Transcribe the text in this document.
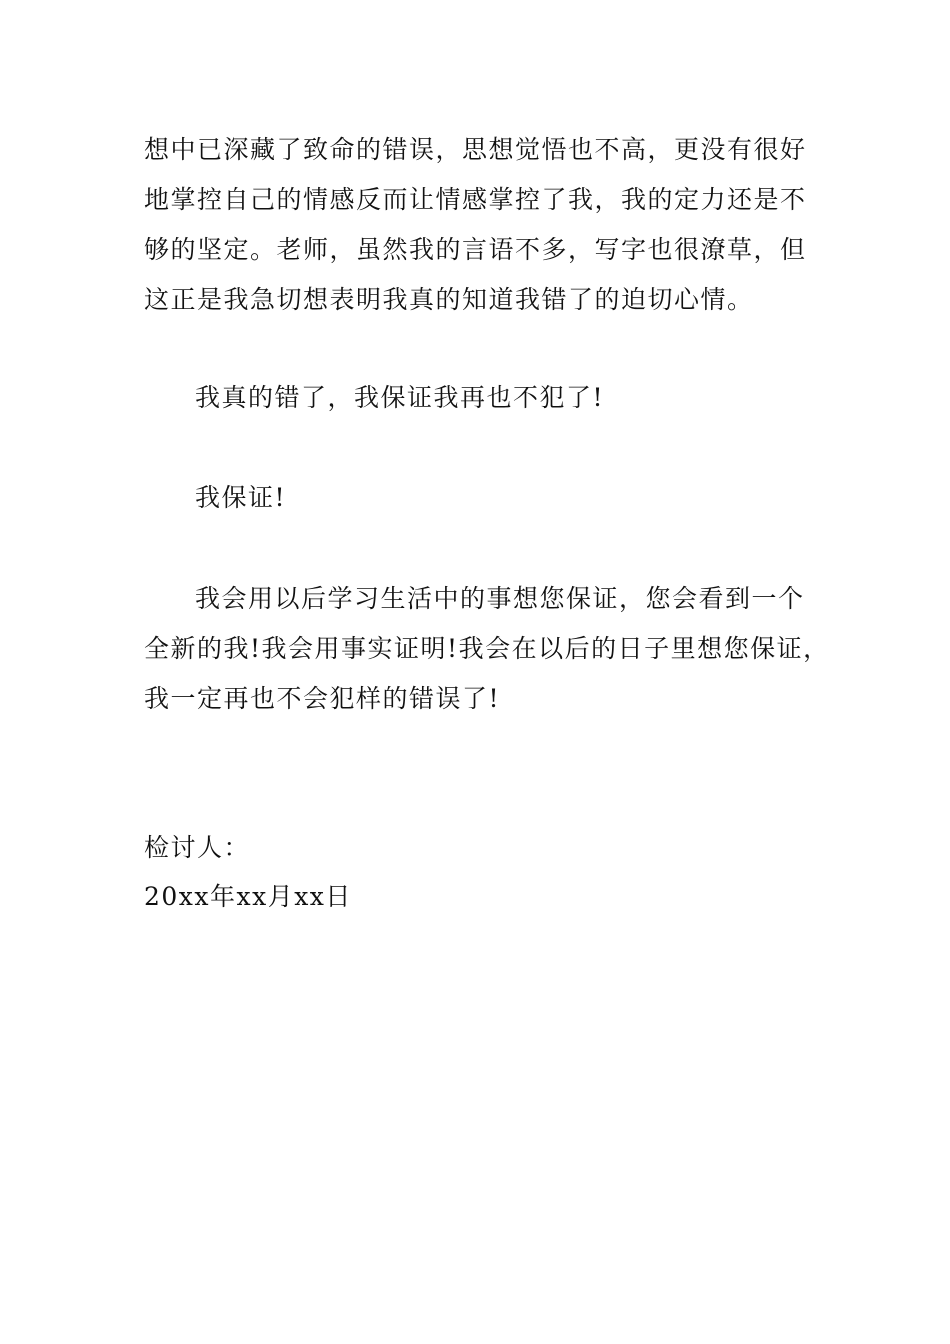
想中已深藏了致命的错误，思想觉悟也不高，更没有很好
地掌控自己的情感反而让情感掌控了我，我的定力还是不
够的坚定。老师，虽然我的言语不多，写字也很潦草，但
这正是我急切想表明我真的知道我错了的迫切心情。
我真的错了，我保证我再也不犯了!
我保证!
我会用以后学习生活中的事想您保证，您会看到一个
全新的我!我会用事实证明!我会在以后的日子里想您保证，
我一定再也不会犯样的错误了!
检讨人：
20xx年xx月xx日
